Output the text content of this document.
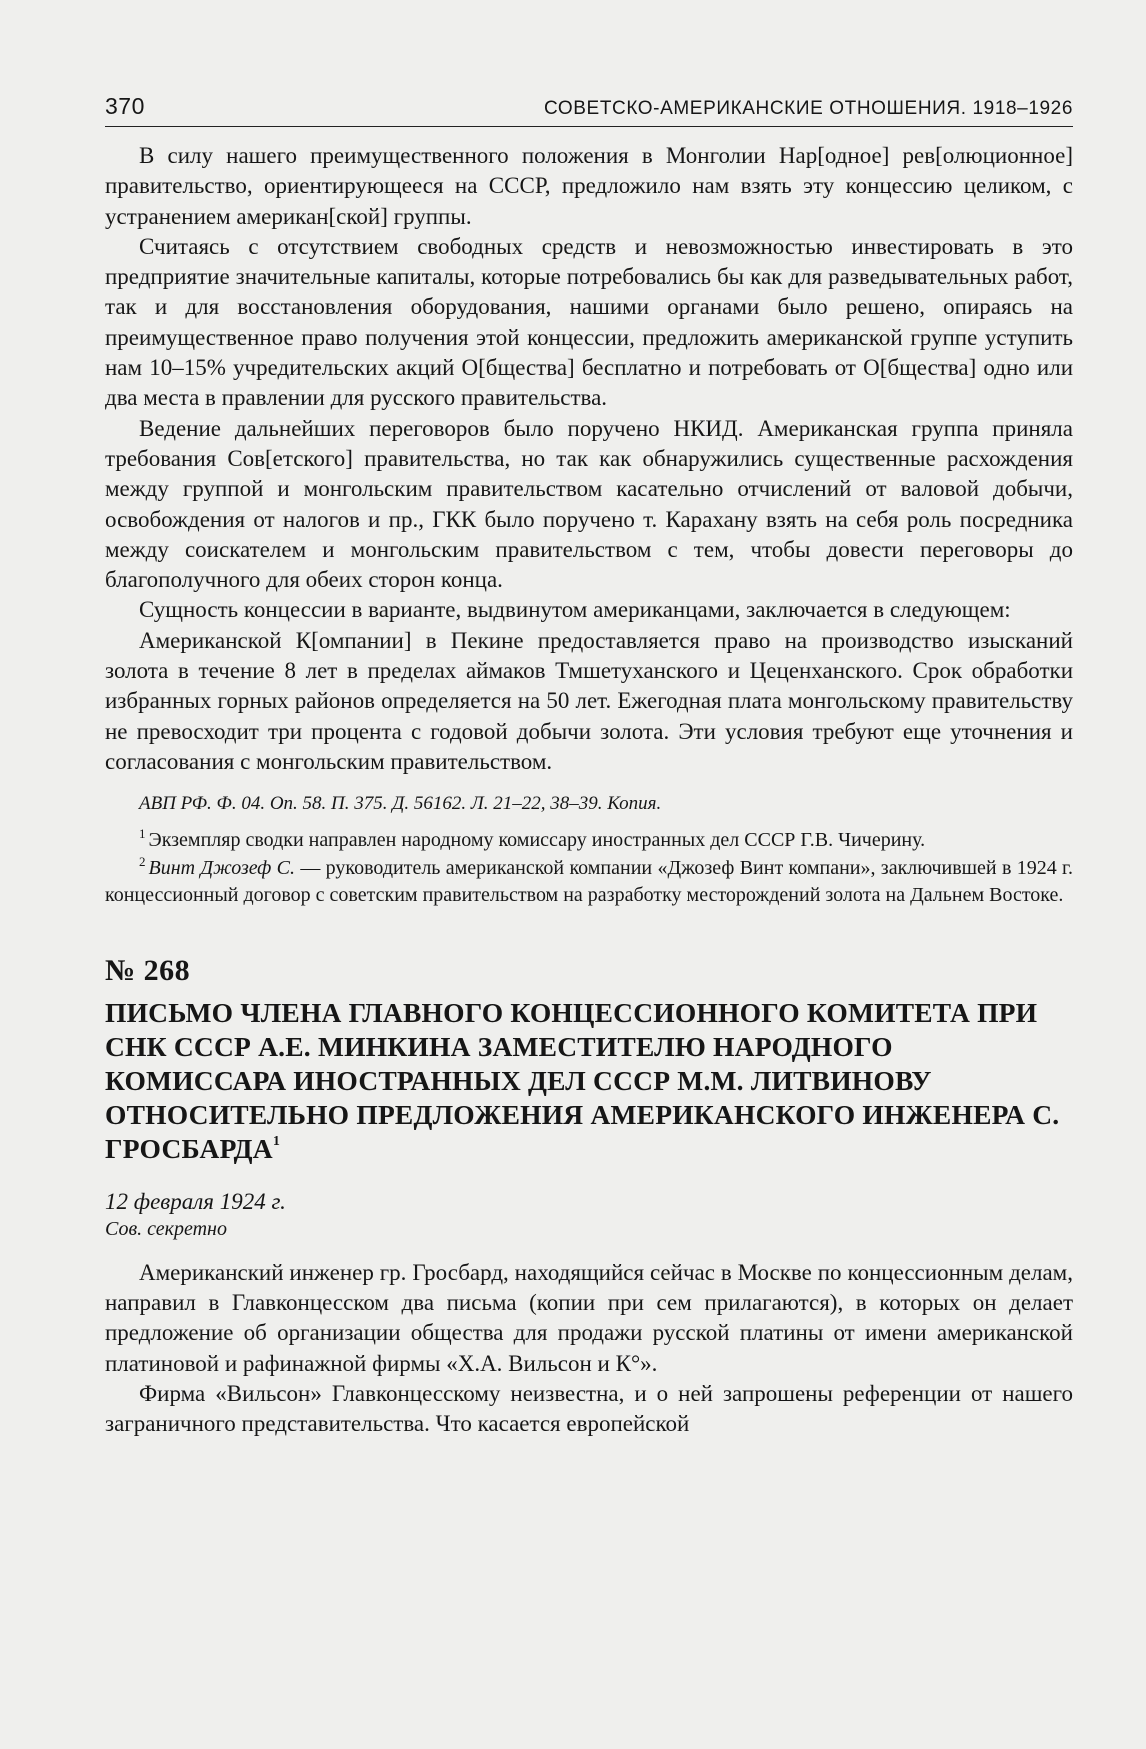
370	СОВЕТСКО-АМЕРИКАНСКИЕ ОТНОШЕНИЯ. 1918–1926

В силу нашего преимущественного положения в Монголии Нар[одное] рев[олюционное] правительство, ориентирующееся на СССР, предложило нам взять эту концессию целиком, с устранением американ[ской] группы.

Считаясь с отсутствием свободных средств и невозможностью инвестировать в это предприятие значительные капиталы, которые потребовались бы как для разведывательных работ, так и для восстановления оборудования, нашими органами было решено, опираясь на преимущественное право получения этой концессии, предложить американской группе уступить нам 10–15% учредительских акций О[бщества] бесплатно и потребовать от О[бщества] одно или два места в правлении для русского правительства.

Ведение дальнейших переговоров было поручено НКИД. Американская группа приняла требования Сов[етского] правительства, но так как обнаружились существенные расхождения между группой и монгольским правительством касательно отчислений от валовой добычи, освобождения от налогов и пр., ГКК было поручено т. Карахану взять на себя роль посредника между соискателем и монгольским правительством с тем, чтобы довести переговоры до благополучного для обеих сторон конца.

Сущность концессии в варианте, выдвинутом американцами, заключается в следующем:

Американской К[омпании] в Пекине предоставляется право на производство изысканий золота в течение 8 лет в пределах аймаков Тмшетуханского и Цеценханского. Срок обработки избранных горных районов определяется на 50 лет. Ежегодная плата монгольскому правительству не превосходит три процента с годовой добычи золота. Эти условия требуют еще уточнения и согласования с монгольским правительством.

АВП РФ. Ф. 04. Оп. 58. П. 375. Д. 56162. Л. 21–22, 38–39. Копия.
$^1$ Экземпляр сводки направлен народному комиссару иностранных дел СССР Г.В. Чичерину.
$^2$ Винт Джозеф С. — руководитель американской компании «Джозеф Винт компани», заключившей в 1924 г. концессионный договор с советским правительством на разработку месторождений золота на Дальнем Востоке.
№ 268
ПИСЬМО ЧЛЕНА ГЛАВНОГО КОНЦЕССИОННОГО КОМИТЕТА ПРИ СНК СССР А.Е. МИНКИНА ЗАМЕСТИТЕЛЮ НАРОДНОГО КОМИССАРА ИНОСТРАННЫХ ДЕЛ СССР М.М. ЛИТВИНОВУ ОТНОСИТЕЛЬНО ПРЕДЛОЖЕНИЯ АМЕРИКАНСКОГО ИНЖЕНЕРА С. ГРОСБАРДА$^1$
12 февраля 1924 г.
Сов. секретно

Американский инженер гр. Гросбард, находящийся сейчас в Москве по концессионным делам, направил в Главконцесском два письма (копии при сем прилагаются), в которых он делает предложение об организации общества для продажи русской платины от имени американской платиновой и рафинажной фирмы «Х.А. Вильсон и К°».

Фирма «Вильсон» Главконцесскому неизвестна, и о ней запрошены референции от нашего заграничного представительства. Что касается европейской
